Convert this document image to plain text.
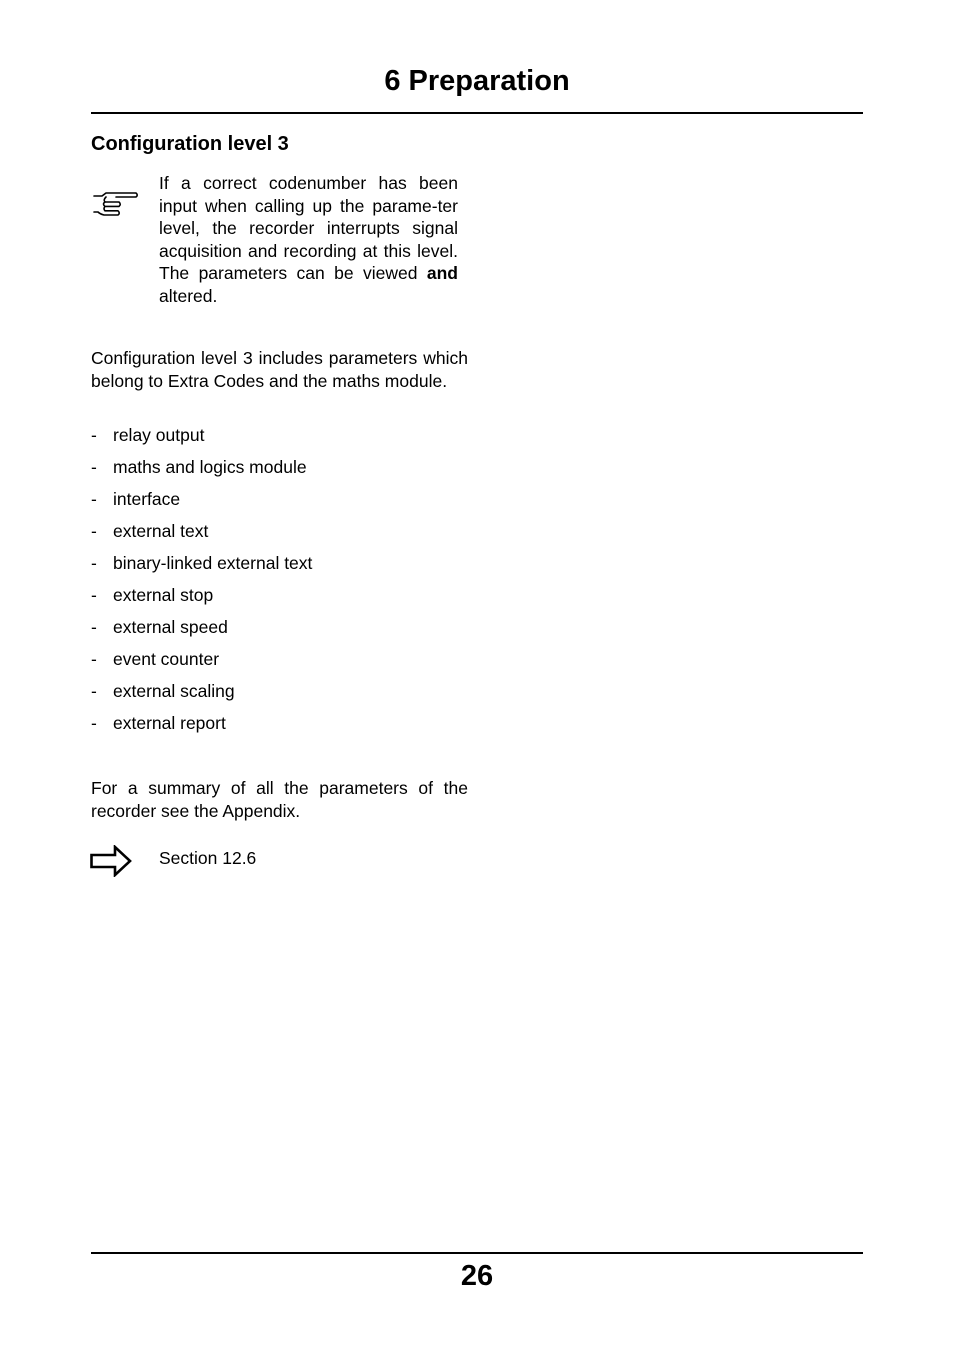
6 Preparation
Configuration level 3
If a correct codenumber has been input when calling up the parame-ter level, the recorder interrupts signal acquisition and recording at this level. The parameters can be viewed and altered.
Configuration level 3 includes parameters which belong to Extra Codes and the maths module.
- relay output
- maths and logics module
- interface
- external text
- binary-linked external text
- external stop
- external speed
- event counter
- external scaling
- external report
For a summary of all the parameters of the recorder see the Appendix.
Section 12.6
26
